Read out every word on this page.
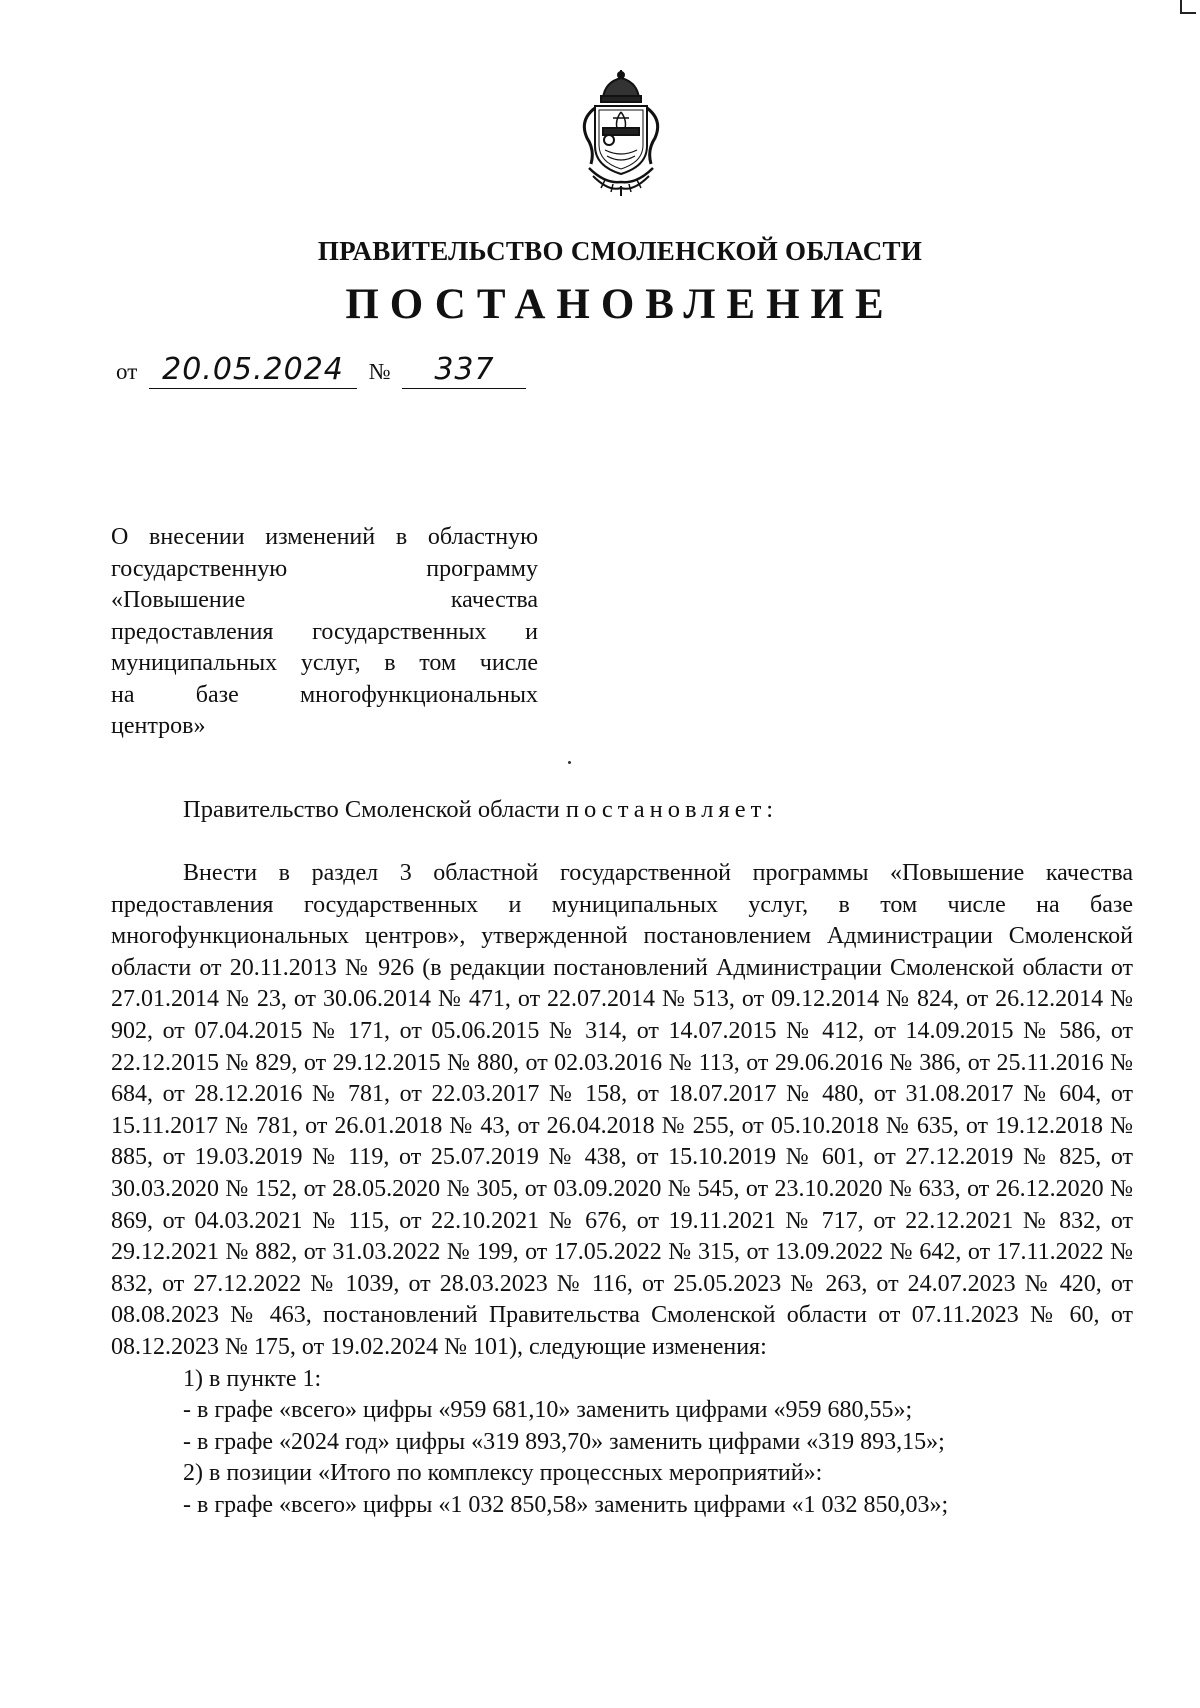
ПРАВИТЕЛЬСТВО СМОЛЕНСКОЙ ОБЛАСТИ
ПОСТАНОВЛЕНИЕ
от 20.05.2024 № 337
О внесении изменений в областную
государственную программу
«Повышение качества
предоставления государственных и
муниципальных услуг, в том числе
на базе многофункциональных
центров»
Правительство Смоленской области постановляет:

Внести в раздел 3 областной государственной программы «Повышение качества предоставления государственных и муниципальных услуг, в том числе на базе многофункциональных центров», утвержденной постановлением Администрации Смоленской области от 20.11.2013 № 926 (в редакции постановлений Администрации Смоленской области от 27.01.2014 № 23, от 30.06.2014 № 471, от 22.07.2014 № 513, от 09.12.2014 № 824, от 26.12.2014 № 902, от 07.04.2015 № 171, от 05.06.2015 № 314, от 14.07.2015 № 412, от 14.09.2015 № 586, от 22.12.2015 № 829, от 29.12.2015 № 880, от 02.03.2016 № 113, от 29.06.2016 № 386, от 25.11.2016 № 684, от 28.12.2016 № 781, от 22.03.2017 № 158, от 18.07.2017 № 480, от 31.08.2017 № 604, от 15.11.2017 № 781, от 26.01.2018 № 43, от 26.04.2018 № 255, от 05.10.2018 № 635, от 19.12.2018 № 885, от 19.03.2019 № 119, от 25.07.2019 № 438, от 15.10.2019 № 601, от 27.12.2019 № 825, от 30.03.2020 № 152, от 28.05.2020 № 305, от 03.09.2020 № 545, от 23.10.2020 № 633, от 26.12.2020 № 869, от 04.03.2021 № 115, от 22.10.2021 № 676, от 19.11.2021 № 717, от 22.12.2021 № 832, от 29.12.2021 № 882, от 31.03.2022 № 199, от 17.05.2022 № 315, от 13.09.2022 № 642, от 17.11.2022 № 832, от 27.12.2022 № 1039, от 28.03.2023 № 116, от 25.05.2023 № 263, от 24.07.2023 № 420, от 08.08.2023 № 463, постановлений Правительства Смоленской области от 07.11.2023 № 60, от 08.12.2023 № 175, от 19.02.2024 № 101), следующие изменения:

1) в пункте 1:
- в графе «всего» цифры «959 681,10» заменить цифрами «959 680,55»;
- в графе «2024 год» цифры «319 893,70» заменить цифрами «319 893,15»;
2) в позиции «Итого по комплексу процессных мероприятий»:
- в графе «всего» цифры «1 032 850,58» заменить цифрами «1 032 850,03»;
